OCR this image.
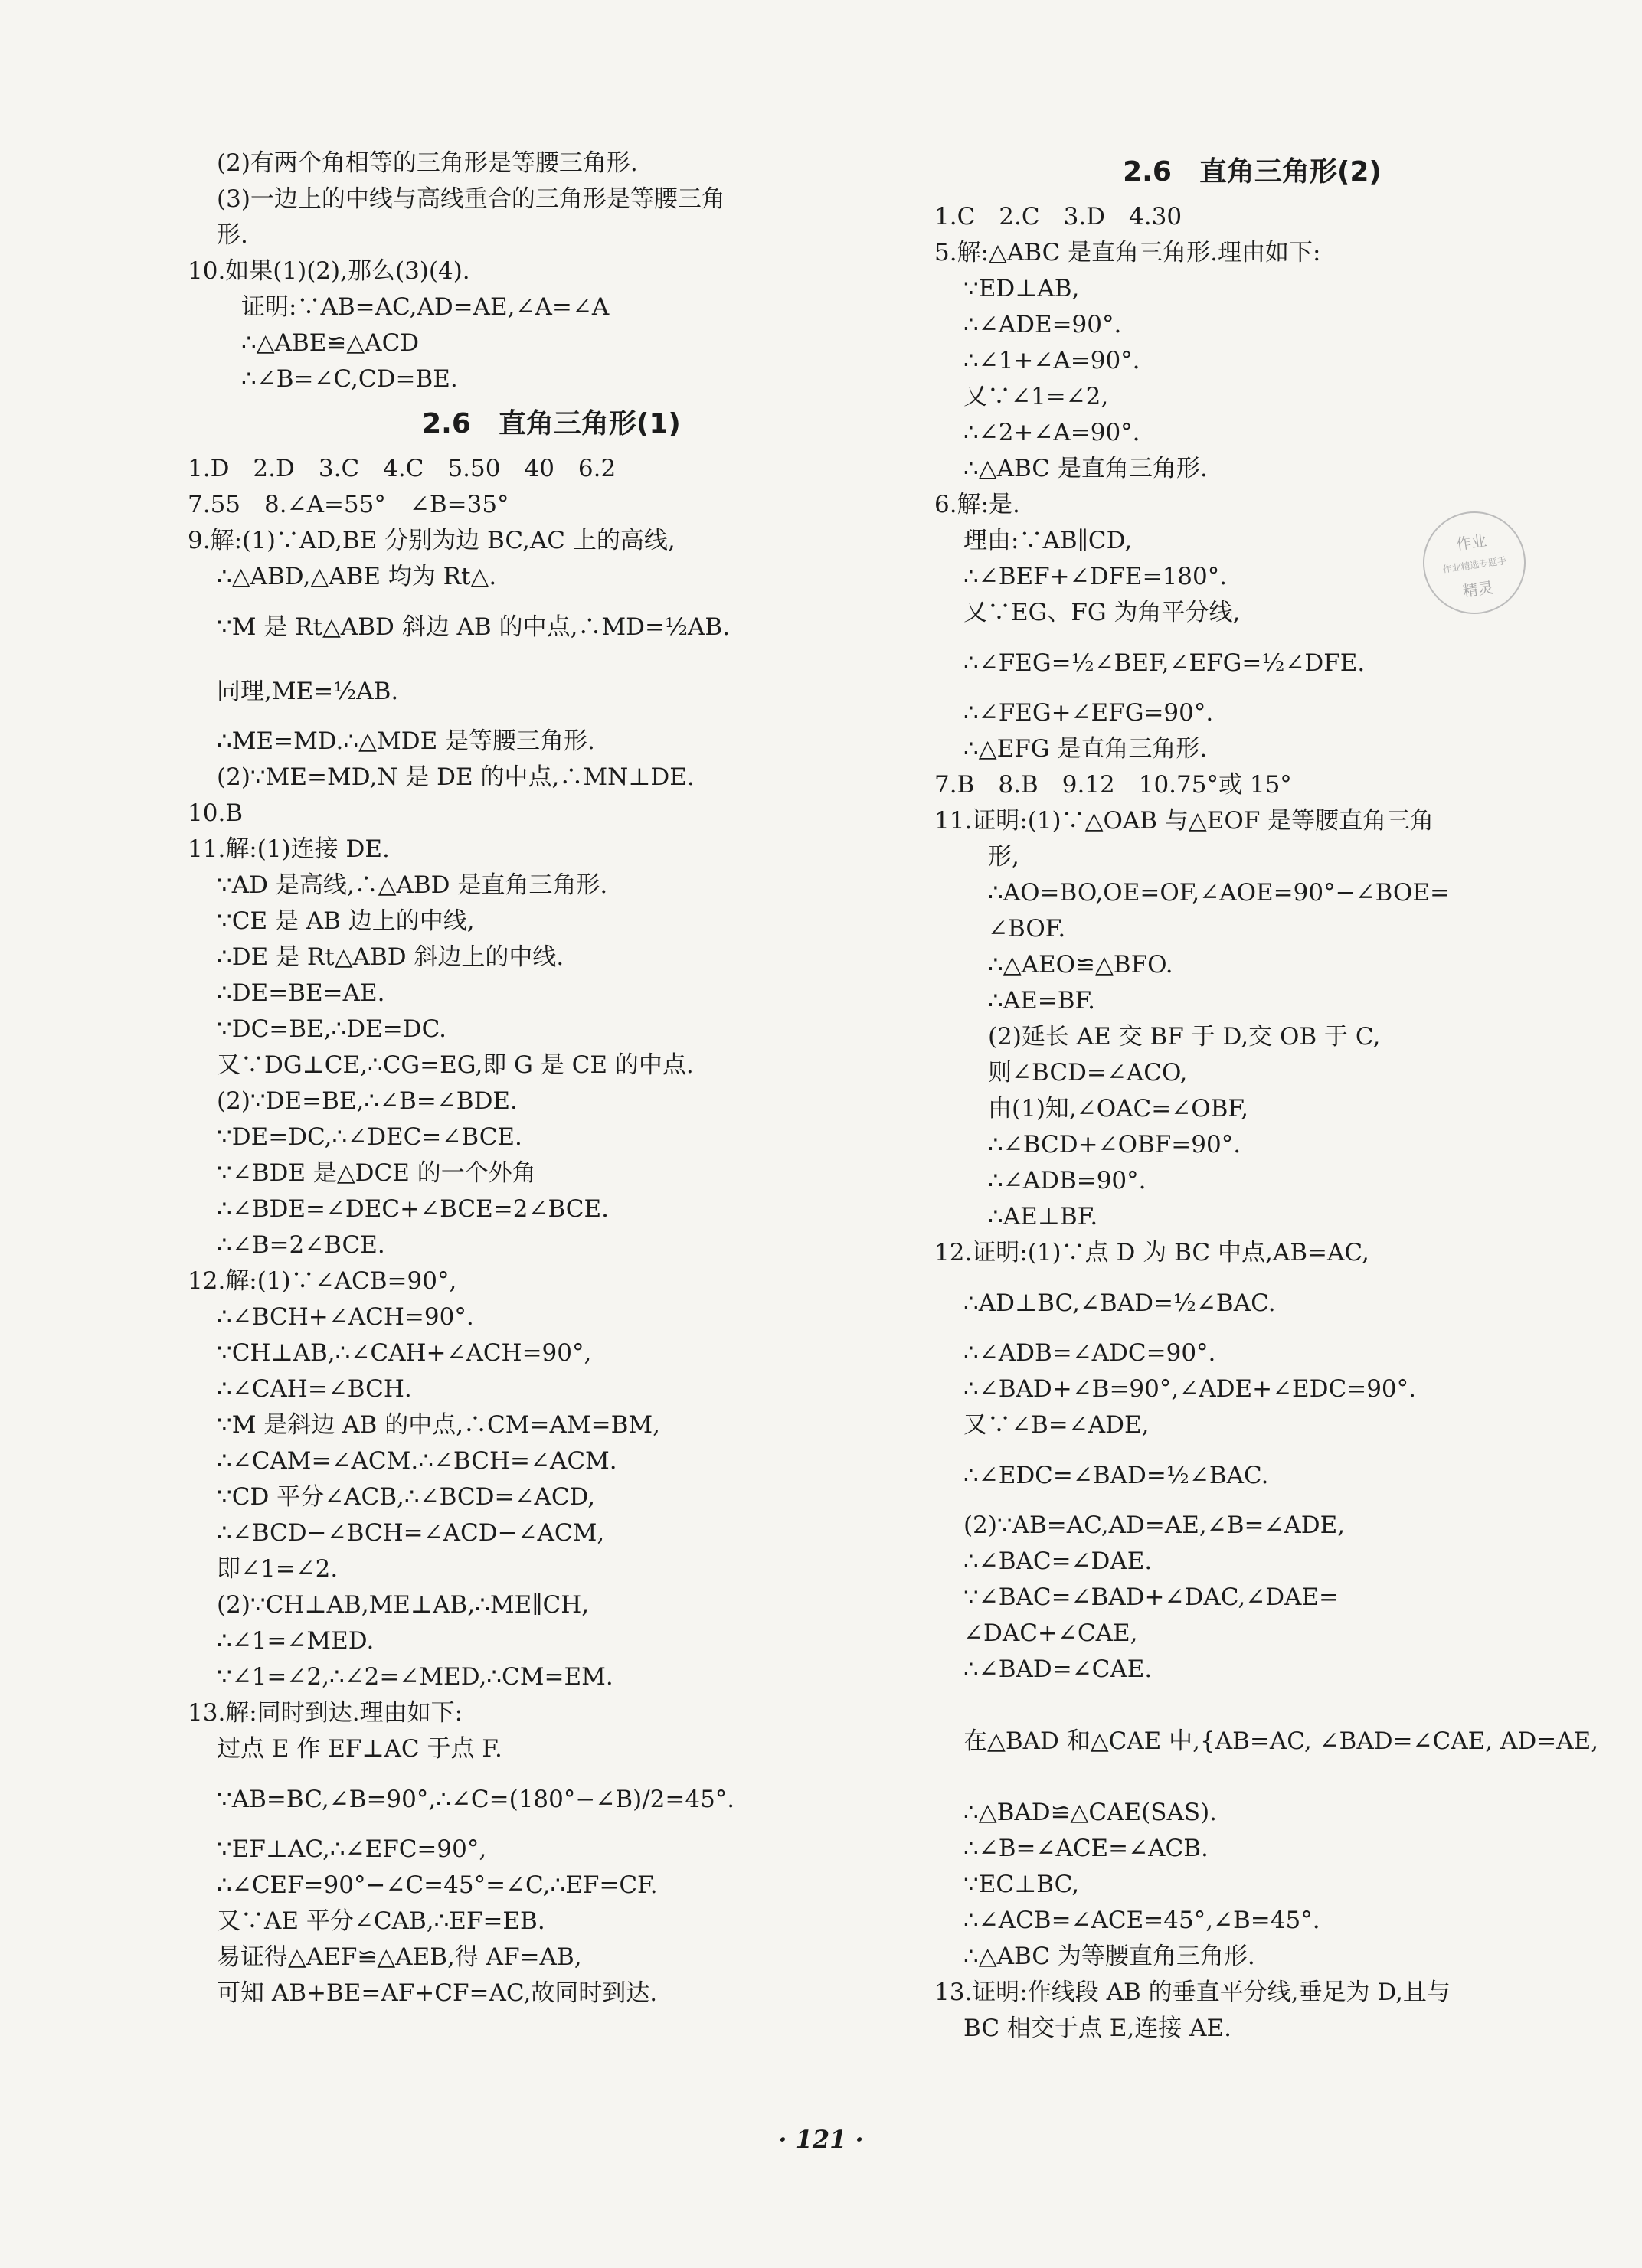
(2)有两个角相等的三角形是等腰三角形.
(3)一边上的中线与高线重合的三角形是等腰三角
形.
10.如果(1)(2),那么(3)(4).
证明:∵AB=AC,AD=AE,∠A=∠A
∴△ABE≌△ACD
∴∠B=∠C,CD=BE.
2.6　直角三角形(1)
1.D　2.D　3.C　4.C　5.50　40　6.2
7.55　8.∠A=55°　∠B=35°
9.解:(1)∵AD,BE 分别为边 BC,AC 上的高线,
∴△ABD,△ABE 均为 Rt△.
∵M 是 Rt△ABD 斜边 AB 的中点,∴MD=½AB.
同理,ME=½AB.
∴ME=MD.∴△MDE 是等腰三角形.
(2)∵ME=MD,N 是 DE 的中点,∴MN⊥DE.
10.B
11.解:(1)连接 DE.
∵AD 是高线,∴△ABD 是直角三角形.
∵CE 是 AB 边上的中线,
∴DE 是 Rt△ABD 斜边上的中线.
∴DE=BE=AE.
∵DC=BE,∴DE=DC.
又∵DG⊥CE,∴CG=EG,即 G 是 CE 的中点.
(2)∵DE=BE,∴∠B=∠BDE.
∵DE=DC,∴∠DEC=∠BCE.
∵∠BDE 是△DCE 的一个外角
∴∠BDE=∠DEC+∠BCE=2∠BCE.
∴∠B=2∠BCE.
12.解:(1)∵∠ACB=90°,
∴∠BCH+∠ACH=90°.
∵CH⊥AB,∴∠CAH+∠ACH=90°,
∴∠CAH=∠BCH.
∵M 是斜边 AB 的中点,∴CM=AM=BM,
∴∠CAM=∠ACM.∴∠BCH=∠ACM.
∵CD 平分∠ACB,∴∠BCD=∠ACD,
∴∠BCD−∠BCH=∠ACD−∠ACM,
即∠1=∠2.
(2)∵CH⊥AB,ME⊥AB,∴ME∥CH,
∴∠1=∠MED.
∵∠1=∠2,∴∠2=∠MED,∴CM=EM.
13.解:同时到达.理由如下:
过点 E 作 EF⊥AC 于点 F.
∵AB=BC,∠B=90°,∴∠C=(180°−∠B)/2=45°.
∵EF⊥AC,∴∠EFC=90°,
∴∠CEF=90°−∠C=45°=∠C,∴EF=CF.
又∵AE 平分∠CAB,∴EF=EB.
易证得△AEF≌△AEB,得 AF=AB,
可知 AB+BE=AF+CF=AC,故同时到达.
2.6　直角三角形(2)
1.C　2.C　3.D　4.30
5.解:△ABC 是直角三角形.理由如下:
∵ED⊥AB,
∴∠ADE=90°.
∴∠1+∠A=90°.
又∵∠1=∠2,
∴∠2+∠A=90°.
∴△ABC 是直角三角形.
6.解:是.
理由:∵AB∥CD,
∴∠BEF+∠DFE=180°.
又∵EG、FG 为角平分线,
∴∠FEG=½∠BEF,∠EFG=½∠DFE.
∴∠FEG+∠EFG=90°.
∴△EFG 是直角三角形.
7.B　8.B　9.12　10.75°或 15°
11.证明:(1)∵△OAB 与△EOF 是等腰直角三角
形,
∴AO=BO,OE=OF,∠AOE=90°−∠BOE=
∠BOF.
∴△AEO≌△BFO.
∴AE=BF.
(2)延长 AE 交 BF 于 D,交 OB 于 C,
则∠BCD=∠ACO,
由(1)知,∠OAC=∠OBF,
∴∠BCD+∠OBF=90°.
∴∠ADB=90°.
∴AE⊥BF.
12.证明:(1)∵点 D 为 BC 中点,AB=AC,
∴AD⊥BC,∠BAD=½∠BAC.
∴∠ADB=∠ADC=90°.
∴∠BAD+∠B=90°,∠ADE+∠EDC=90°.
又∵∠B=∠ADE,
∴∠EDC=∠BAD=½∠BAC.
(2)∵AB=AC,AD=AE,∠B=∠ADE,
∴∠BAC=∠DAE.
∵∠BAC=∠BAD+∠DAC,∠DAE=
∠DAC+∠CAE,
∴∠BAD=∠CAE.
在△BAD 和△CAE 中,{AB=AC, ∠BAD=∠CAE, AD=AE,
∴△BAD≌△CAE(SAS).
∴∠B=∠ACE=∠ACB.
∵EC⊥BC,
∴∠ACB=∠ACE=45°,∠B=45°.
∴△ABC 为等腰直角三角形.
13.证明:作线段 AB 的垂直平分线,垂足为 D,且与
BC 相交于点 E,连接 AE.
作业
作业精选专题手
精灵
· 121 ·
